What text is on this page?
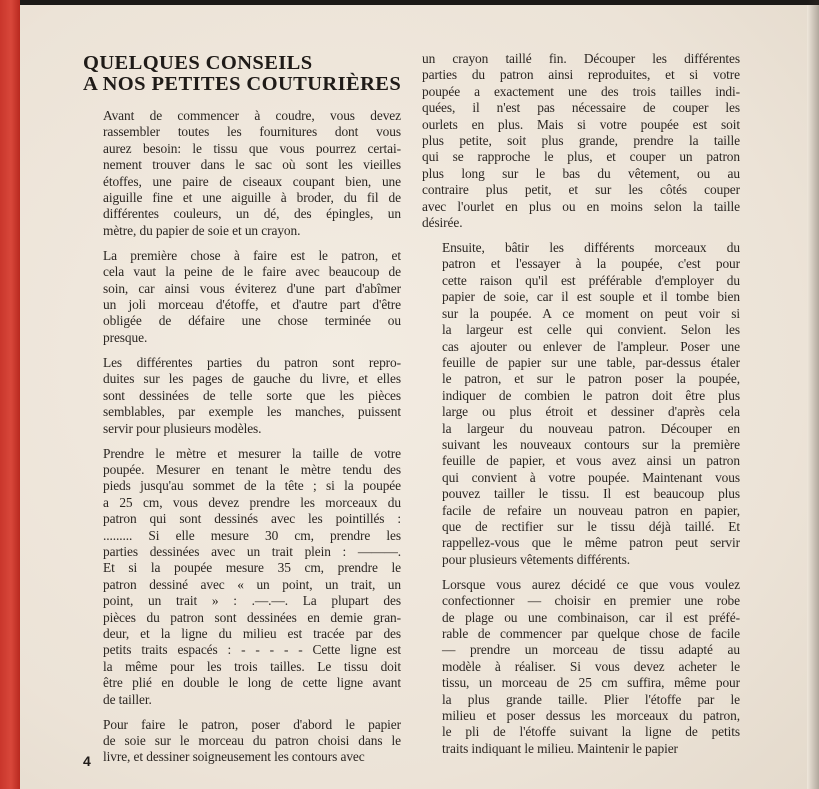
QUELQUES CONSEILS
A NOS PETITES COUTURIÈRES

Avant de commencer à coudre, vous devez
rassembler toutes les fournitures dont vous
aurez besoin: le tissu que vous pourrez certai-
nement trouver dans le sac où sont les vieilles
étoffes, une paire de ciseaux coupant bien, une
aiguille fine et une aiguille à broder, du fil de
différentes couleurs, un dé, des épingles, un
mètre, du papier de soie et un crayon.

La première chose à faire est le patron, et
cela vaut la peine de le faire avec beaucoup de
soin, car ainsi vous éviterez d'une part d'abîmer
un joli morceau d'étoffe, et d'autre part d'être
obligée de défaire une chose terminée ou
presque.

Les différentes parties du patron sont repro-
duites sur les pages de gauche du livre, et elles
sont dessinées de telle sorte que les pièces
semblables, par exemple les manches, puissent
servir pour plusieurs modèles.

Prendre le mètre et mesurer la taille de votre
poupée. Mesurer en tenant le mètre tendu des
pieds jusqu'au sommet de la tête ; si la poupée
a 25 cm, vous devez prendre les morceaux du
patron qui sont dessinés avec les pointillés :
......... Si elle mesure 30 cm, prendre les
parties dessinées avec un trait plein : ———.
Et si la poupée mesure 35 cm, prendre le
patron dessiné avec « un point, un trait, un
point, un trait » : .—.—. La plupart des
pièces du patron sont dessinées en demie gran-
deur, et la ligne du milieu est tracée par des
petits traits espacés : - - - - - Cette ligne est
la même pour les trois tailles. Le tissu doit
être plié en double le long de cette ligne avant
de tailler.

Pour faire le patron, poser d'abord le papier
de soie sur le morceau du patron choisi dans le
livre, et dessiner soigneusement les contours avec

un crayon taillé fin. Découper les différentes
parties du patron ainsi reproduites, et si votre
poupée a exactement une des trois tailles indi-
quées, il n'est pas nécessaire de couper les
ourlets en plus. Mais si votre poupée est soit
plus petite, soit plus grande, prendre la taille
qui se rapproche le plus, et couper un patron
plus long sur le bas du vêtement, ou au
contraire plus petit, et sur les côtés couper
avec l'ourlet en plus ou en moins selon la taille
désirée.

Ensuite, bâtir les différents morceaux du
patron et l'essayer à la poupée, c'est pour
cette raison qu'il est préférable d'employer du
papier de soie, car il est souple et il tombe bien
sur la poupée. A ce moment on peut voir si
la largeur est celle qui convient. Selon les
cas ajouter ou enlever de l'ampleur. Poser une
feuille de papier sur une table, par-dessus étaler
le patron, et sur le patron poser la poupée,
indiquer de combien le patron doit être plus
large ou plus étroit et dessiner d'après cela
la largeur du nouveau patron. Découper en
suivant les nouveaux contours sur la première
feuille de papier, et vous avez ainsi un patron
qui convient à votre poupée. Maintenant vous
pouvez tailler le tissu. Il est beaucoup plus
facile de refaire un nouveau patron en papier,
que de rectifier sur le tissu déjà taillé. Et
rappellez-vous que le même patron peut servir
pour plusieurs vêtements différents.

Lorsque vous aurez décidé ce que vous voulez
confectionner — choisir en premier une robe
de plage ou une combinaison, car il est préfé-
rable de commencer par quelque chose de facile
— prendre un morceau de tissu adapté au
modèle à réaliser. Si vous devez acheter le
tissu, un morceau de 25 cm suffira, même pour
la plus grande taille. Plier l'étoffe par le
milieu et poser dessus les morceaux du patron,
le pli de l'étoffe suivant la ligne de petits
traits indiquant le milieu. Maintenir le papier

4
